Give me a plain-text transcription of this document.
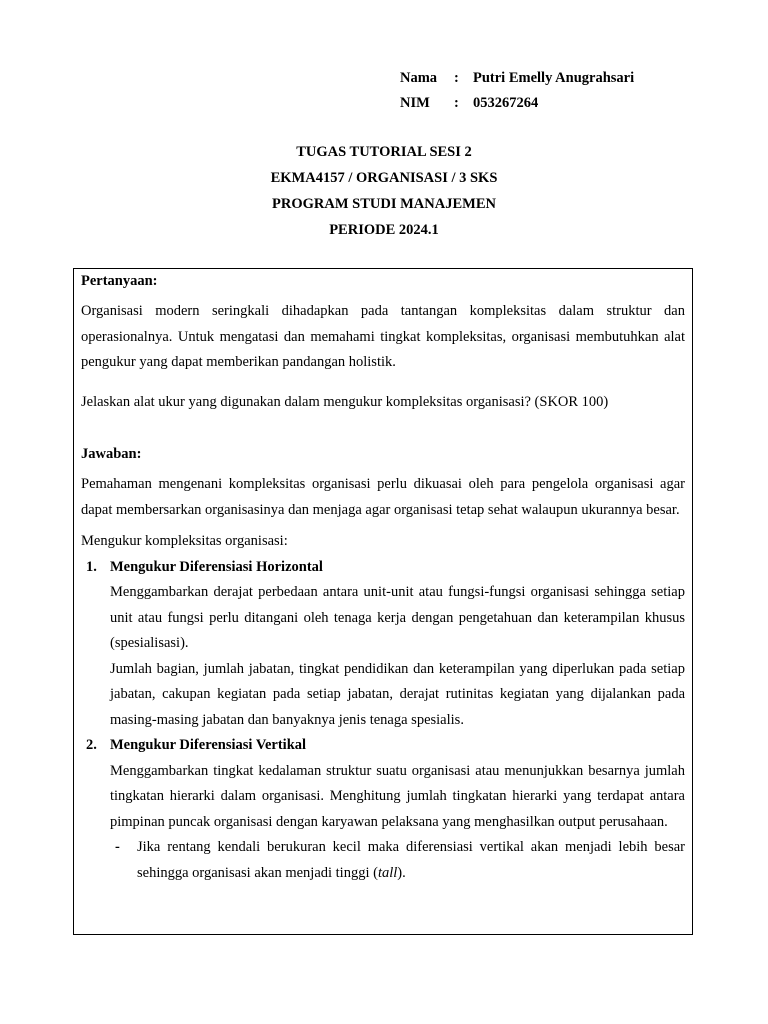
Nama	: Putri Emelly Anugrahsari
NIM	: 053267264
TUGAS TUTORIAL SESI 2
EKMA4157 / ORGANISASI / 3 SKS
PROGRAM STUDI MANAJEMEN
PERIODE 2024.1
Pertanyaan:
Organisasi modern seringkali dihadapkan pada tantangan kompleksitas dalam struktur dan operasionalnya. Untuk mengatasi dan memahami tingkat kompleksitas, organisasi membutuhkan alat pengukur yang dapat memberikan pandangan holistik.
Jelaskan alat ukur yang digunakan dalam mengukur kompleksitas organisasi? (SKOR 100)
Jawaban:
Pemahaman mengenani kompleksitas organisasi perlu dikuasai oleh para pengelola organisasi agar dapat membersarkan organisasinya dan menjaga agar organisasi tetap sehat walaupun ukurannya besar.
Mengukur kompleksitas organisasi:
1. Mengukur Diferensiasi Horizontal
Menggambarkan derajat perbedaan antara unit-unit atau fungsi-fungsi organisasi sehingga setiap unit atau fungsi perlu ditangani oleh tenaga kerja dengan pengetahuan dan keterampilan khusus (spesialisasi).
Jumlah bagian, jumlah jabatan, tingkat pendidikan dan keterampilan yang diperlukan pada setiap jabatan, cakupan kegiatan pada setiap jabatan, derajat rutinitas kegiatan yang dijalankan pada masing-masing jabatan dan banyaknya jenis tenaga spesialis.
2. Mengukur Diferensiasi Vertikal
Menggambarkan tingkat kedalaman struktur suatu organisasi atau menunjukkan besarnya jumlah tingkatan hierarki dalam organisasi. Menghitung jumlah tingkatan hierarki yang terdapat antara pimpinan puncak organisasi dengan karyawan pelaksana yang menghasilkan output perusahaan.
- Jika rentang kendali berukuran kecil maka diferensiasi vertikal akan menjadi lebih besar sehingga organisasi akan menjadi tinggi (tall).
